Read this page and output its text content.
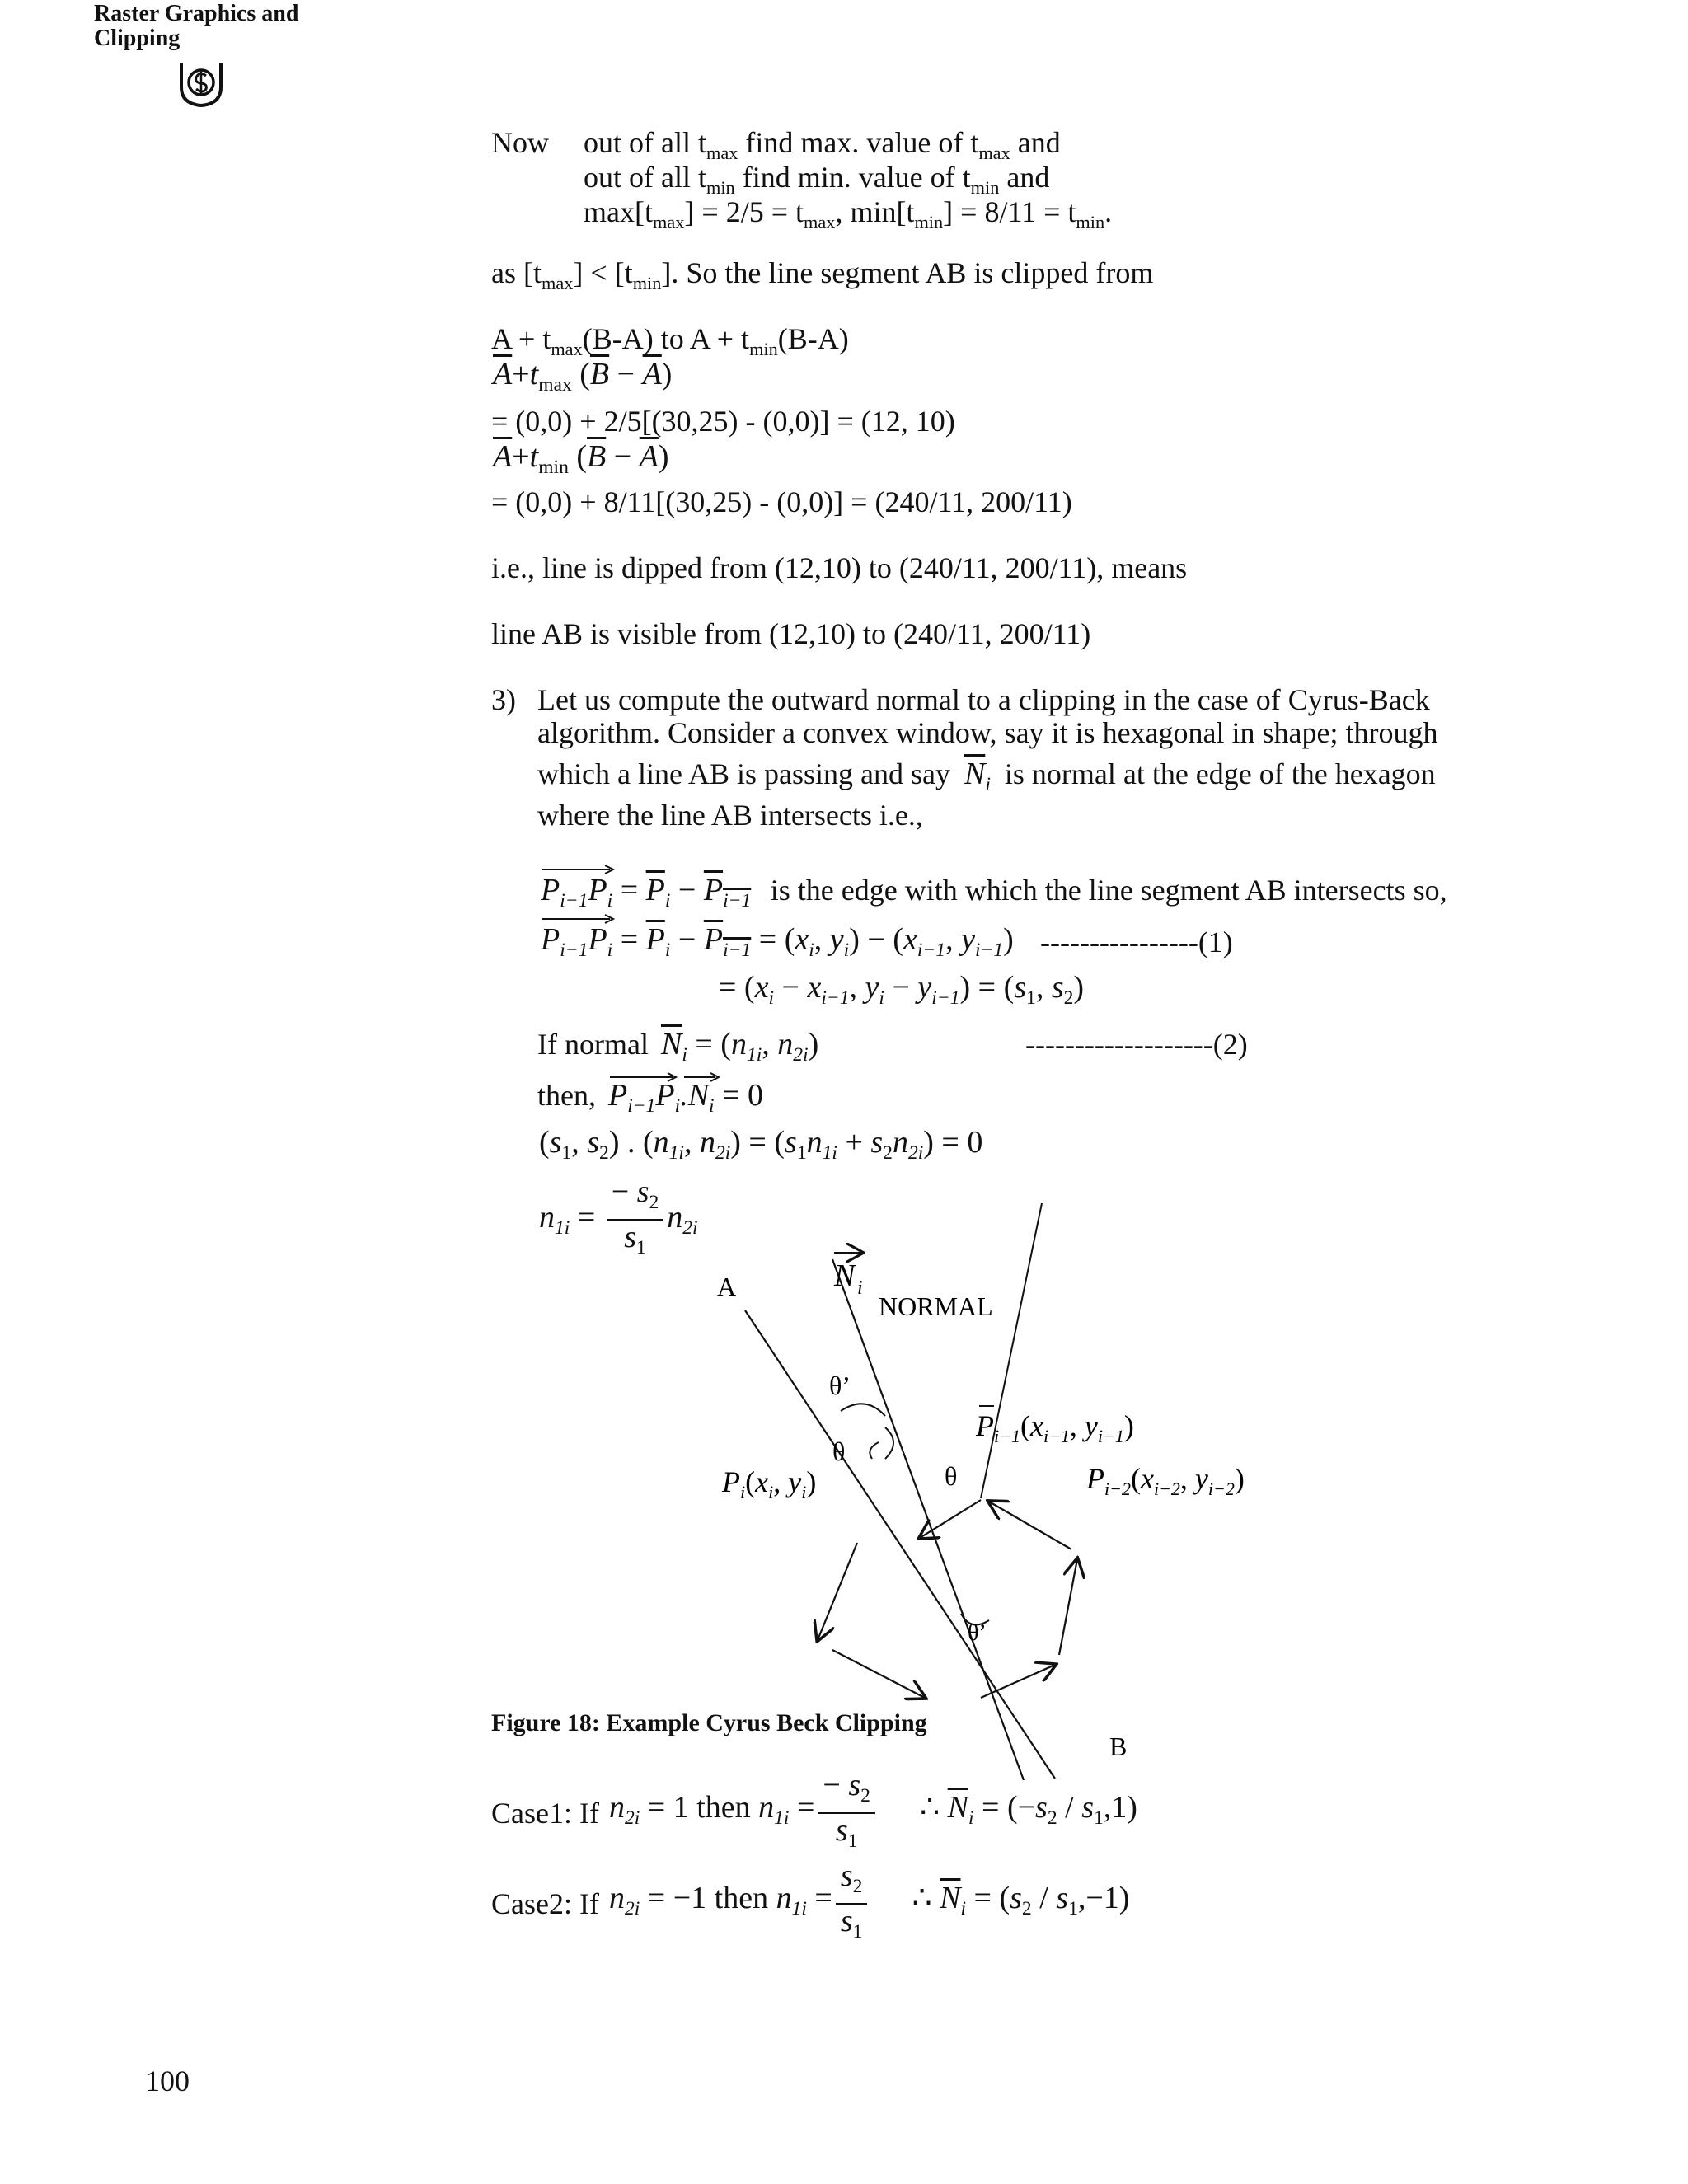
Raster Graphics and
Clipping
Now out of all $t_{max}$ find max. value of $t_{max}$ and
out of all $t_{min}$ find min. value of $t_{min}$ and
$\max[t_{max}] = 2/5 = t_{max}$, $\min[t_{min}] = 8/11 = t_{min}$.
as $[t_{max}] < [t_{min}]$. So the line segment AB is clipped from
$A + t_{max}(B-A)$ to $A + t_{min}(B-A)$
$\overline{A}+t_{max}$ $(\overline{B} - \overline{A})$
= (0,0) + 2/5[(30,25) - (0,0)] = (12, 10)
$\overline{A}+t_{min}$ $(\overline{B} - \overline{A})$
= (0,0) + 8/11[(30,25) - (0,0)] = (240/11, 200/11)
i.e., line is dipped from (12,10) to (240/11, 200/11), means
line AB is visible from (12,10) to (240/11, 200/11)
3) Let us compute the outward normal to a clipping in the case of Cyrus-Back
algorithm. Consider a convex window, say it is hexagonal in shape; through
which a line AB is passing and say $\overline{N}_i$ is normal at the edge of the hexagon
where the line AB intersects i.e.,
$P_{i-1}P_i = \overline{P}_i - P_{i-1}$ is the edge with which the line segment AB intersects so,
$P_{i-1}P_i = \overline{P}_i - P_{i-1} = (x_i$, $y_i) - (x_{i-1}$, $y_{i-1}$) ----------------(1)
= ($x_i - x_{i-1}$, $y_i - y_{i-1}) = (s_1$, $s_2$)
If normal $\overline{N}_i = (n_{1i}$, $n_{2i}$)	-------------------(2)
then,
$P_{i-1}P_i.N_i = 0$
($s_1$, $s_2$) . ($n_{1i}$, $n_{2i}) = (s_1n_{1i} + s_2n_{2i}) = 0$
$n_{1i} = \frac{- s_2}{s_1} n_{2i}$
A
B
NORMAL
θ’
θ
θ
θ’
N i
$P_{i-1}(x_{i-1}$, $y_{i-1}$)
$P_i(x_i$, $y_i$)	$P_{i-2}(x_{i-2}$, $y_{i-2}$)
Figure 18: Example Cyrus Beck Clipping
Case1: If $n_{2i} = 1$ then $n_{1i} = \frac{- s_2}{s_1}$ ∴ $\overline{N}_i = (-s_2 / s_1,1)$
Case2: If $n_{2i} = -1$ then $n_{1i} = \frac{s_2}{s_1}$ ∴ $\overline{N}_i = (s_2 / s_1,-1)$
100
